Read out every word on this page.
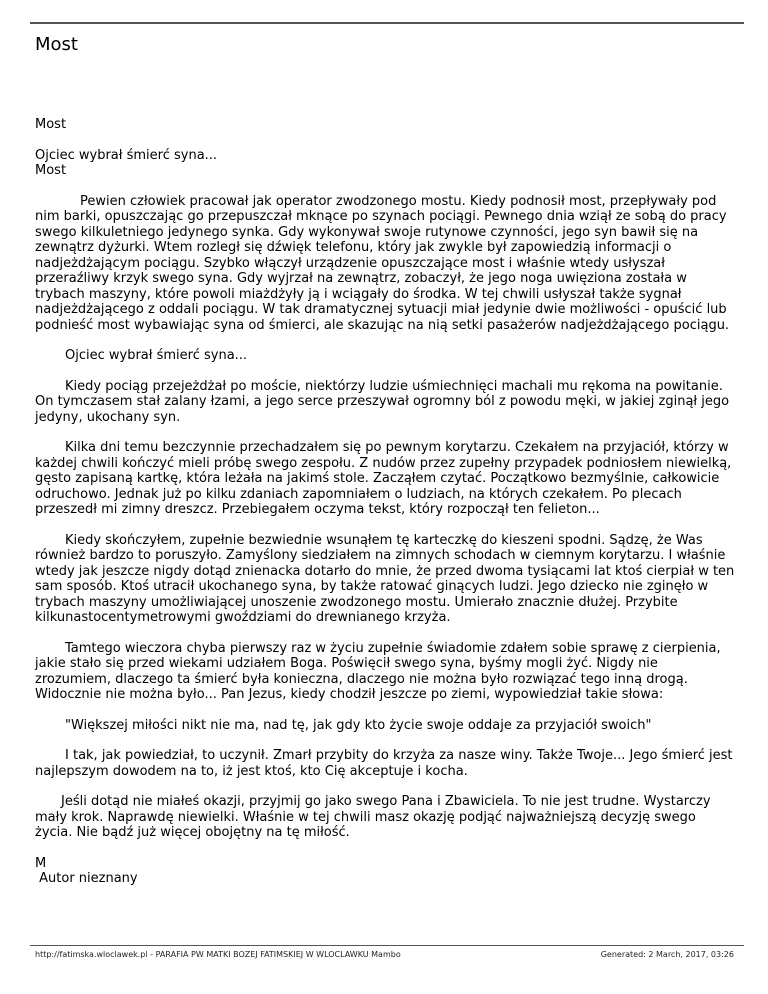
Most

Most

Ojciec wybrał śmierć syna...

Most

Pewien człowiek pracował jak operator zwodzonego mostu. Kiedy podnosił most, przepływały pod nim barki, opuszczając go przepuszczał mknące po szynach pociągi. Pewnego dnia wziął ze sobą do pracy swego kilkuletniego jedynego synka. Gdy wykonywał swoje rutynowe czynności, jego syn bawił się na zewnątrz dyżurki. Wtem rozległ się dźwięk telefonu, który jak zwykle był zapowiedzią informacji o nadjeżdżającym pociągu. Szybko włączył urządzenie opuszczające most i właśnie wtedy usłyszał przeraźliwy krzyk swego syna. Gdy wyjrzał na zewnątrz, zobaczył, że jego noga uwięziona została w trybach maszyny, które powoli miażdżyły ją i wciągały do środka. W tej chwili usłyszał także sygnał nadjeżdżającego z oddali pociągu. W tak dramatycznej sytuacji miał jedynie dwie możliwości - opuścić lub podnieść most wybawiając syna od śmierci, ale skazując na nią setki pasażerów nadjeżdżającego pociągu.

Ojciec wybrał śmierć syna...

Kiedy pociąg przejeżdżał po moście, niektórzy ludzie uśmiechnięci machali mu rękoma na powitanie. On tymczasem stał zalany łzami, a jego serce przeszywał ogromny ból z powodu męki, w jakiej zginął jego jedyny, ukochany syn.

Kilka dni temu bezczynnie przechadzałem się po pewnym korytarzu. Czekałem na przyjaciół, którzy w każdej chwili kończyć mieli próbę swego zespołu. Z nudów przez zupełny przypadek podniosłem niewielką, gęsto zapisaną kartkę, która leżała na jakimś stole. Zacząłem czytać. Początkowo bezmyślnie, całkowicie odruchowo. Jednak już po kilku zdaniach zapomniałem o ludziach, na których czekałem. Po plecach przeszedł mi zimny dreszcz. Przebiegałem oczyma tekst, który rozpoczął ten felieton...

Kiedy skończyłem, zupełnie bezwiednie wsunąłem tę karteczkę do kieszeni spodni. Sądzę, że Was również bardzo to poruszyło. Zamyślony siedziałem na zimnych schodach w ciemnym korytarzu. I właśnie wtedy jak jeszcze nigdy dotąd znienacka dotarło do mnie, że przed dwoma tysiącami lat ktoś cierpiał w ten sam sposób. Ktoś utracił ukochanego syna, by także ratować ginących ludzi. Jego dziecko nie zginęło w trybach maszyny umożliwiającej unoszenie zwodzonego mostu. Umierało znacznie dłużej. Przybite kilkunastocentymetrowymi gwoździami do drewnianego krzyża.

Tamtego wieczora chyba pierwszy raz w życiu zupełnie świadomie zdałem sobie sprawę z cierpienia, jakie stało się przed wiekami udziałem Boga. Poświęcił swego syna, byśmy mogli żyć. Nigdy nie zrozumiem, dlaczego ta śmierć była konieczna, dlaczego nie można było rozwiązać tego inną drogą. Widocznie nie można było... Pan Jezus, kiedy chodził jeszcze po ziemi, wypowiedział takie słowa:

"Większej miłości nikt nie ma, nad tę, jak gdy kto życie swoje oddaje za przyjaciół swoich"

I tak, jak powiedział, to uczynił. Zmarł przybity do krzyża za nasze winy. Także Twoje... Jego śmierć jest najlepszym dowodem na to, iż jest ktoś, kto Cię akceptuje i kocha.

Jeśli dotąd nie miałeś okazji, przyjmij go jako swego Pana i Zbawiciela. To nie jest trudne. Wystarczy mały krok. Naprawdę niewielki. Właśnie w tej chwili masz okazję podjąć najważniejszą decyzję swego życia. Nie bądź już więcej obojętny na tę miłość.

M

Autor nieznany

http://fatimska.wloclawek.pl - PARAFIA PW MATKI BOZEJ FATIMSKIEJ W WLOCLAWKU Mambo	Generated: 2 March, 2017, 03:26
